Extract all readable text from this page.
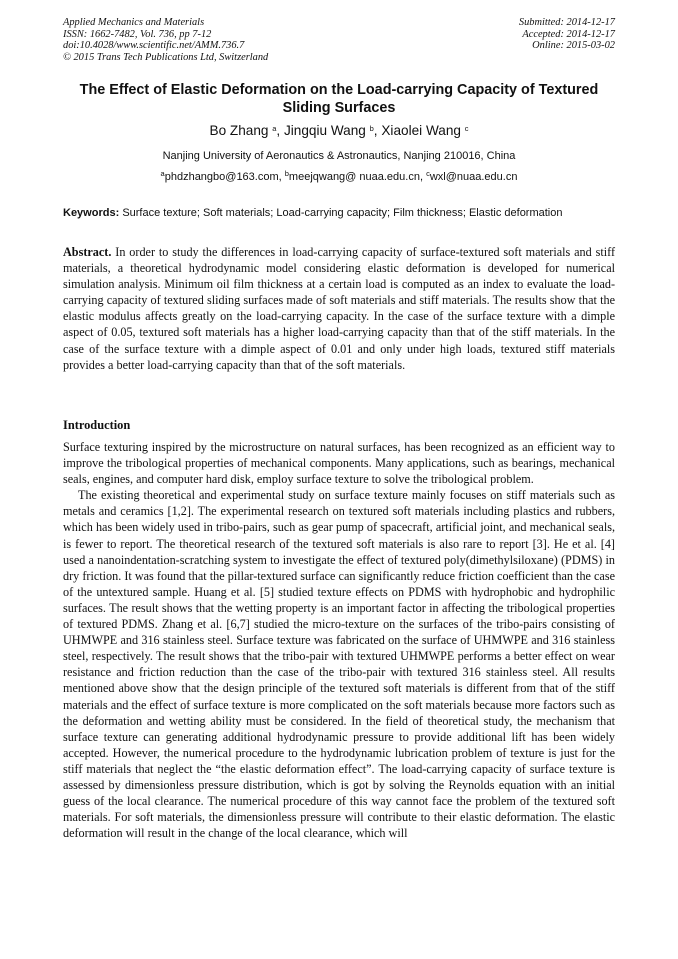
Applied Mechanics and Materials
ISSN: 1662-7482, Vol. 736, pp 7-12
doi:10.4028/www.scientific.net/AMM.736.7
© 2015 Trans Tech Publications Ltd, Switzerland
Submitted: 2014-12-17
Accepted: 2014-12-17
Online: 2015-03-02
The Effect of Elastic Deformation on the Load-carrying Capacity of Textured Sliding Surfaces
Bo Zhang $^a$, Jingqiu Wang $^b$, Xiaolei Wang $^c$
Nanjing University of Aeronautics & Astronautics, Nanjing 210016, China
$^a$phdzhangbo@163.com, $^b$meejqwang@ nuaa.edu.cn, $^c$wxl@nuaa.edu.cn
Keywords: Surface texture; Soft materials; Load-carrying capacity; Film thickness; Elastic deformation
Abstract. In order to study the differences in load-carrying capacity of surface-textured soft materials and stiff materials, a theoretical hydrodynamic model considering elastic deformation is developed for numerical simulation analysis. Minimum oil film thickness at a certain load is computed as an index to evaluate the load-carrying capacity of textured sliding surfaces made of soft materials and stiff materials. The results show that the elastic modulus affects greatly on the load-carrying capacity. In the case of the surface texture with a dimple aspect of 0.05, textured soft materials has a higher load-carrying capacity than that of the stiff materials. In the case of the surface texture with a dimple aspect of 0.01 and only under high loads, textured stiff materials provides a better load-carrying capacity than that of the soft materials.
Introduction

Surface texturing inspired by the microstructure on natural surfaces, has been recognized as an efficient way to improve the tribological properties of mechanical components. Many applications, such as bearings, mechanical seals, engines, and computer hard disk, employ surface texture to solve the tribological problem.

The existing theoretical and experimental study on surface texture mainly focuses on stiff materials such as metals and ceramics [1,2]. The experimental research on textured soft materials including plastics and rubbers, which has been widely used in tribo-pairs, such as gear pump of spacecraft, artificial joint, and mechanical seals, is fewer to report. The theoretical research of the textured soft materials is also rare to report [3]. He et al. [4] used a nanoindentation-scratching system to investigate the effect of textured poly(dimethylsiloxane) (PDMS) in dry friction. It was found that the pillar-textured surface can significantly reduce friction coefficient than the case of the untextured sample. Huang et al. [5] studied texture effects on PDMS with hydrophobic and hydrophilic surfaces. The result shows that the wetting property is an important factor in affecting the tribological properties of textured PDMS. Zhang et al. [6,7] studied the micro-texture on the surfaces of the tribo-pairs consisting of UHMWPE and 316 stainless steel. Surface texture was fabricated on the surface of UHMWPE and 316 stainless steel, respectively. The result shows that the tribo-pair with textured UHMWPE performs a better effect on wear resistance and friction reduction than the case of the tribo-pair with textured 316 stainless steel. All results mentioned above show that the design principle of the textured soft materials is different from that of the stiff materials and the effect of surface texture is more complicated on the soft materials because more factors such as the deformation and wetting ability must be considered. In the field of theoretical study, the mechanism that surface texture can generating additional hydrodynamic pressure to provide additional lift has been widely accepted. However, the numerical procedure to the hydrodynamic lubrication problem of texture is just for the stiff materials that neglect the “the elastic deformation effect”. The load-carrying capacity of surface texture is assessed by dimensionless pressure distribution, which is got by solving the Reynolds equation with an initial guess of the local clearance. The numerical procedure of this way cannot face the problem of the textured soft materials. For soft materials, the dimensionless pressure will contribute to their elastic deformation. The elastic deformation will result in the change of the local clearance, which will
